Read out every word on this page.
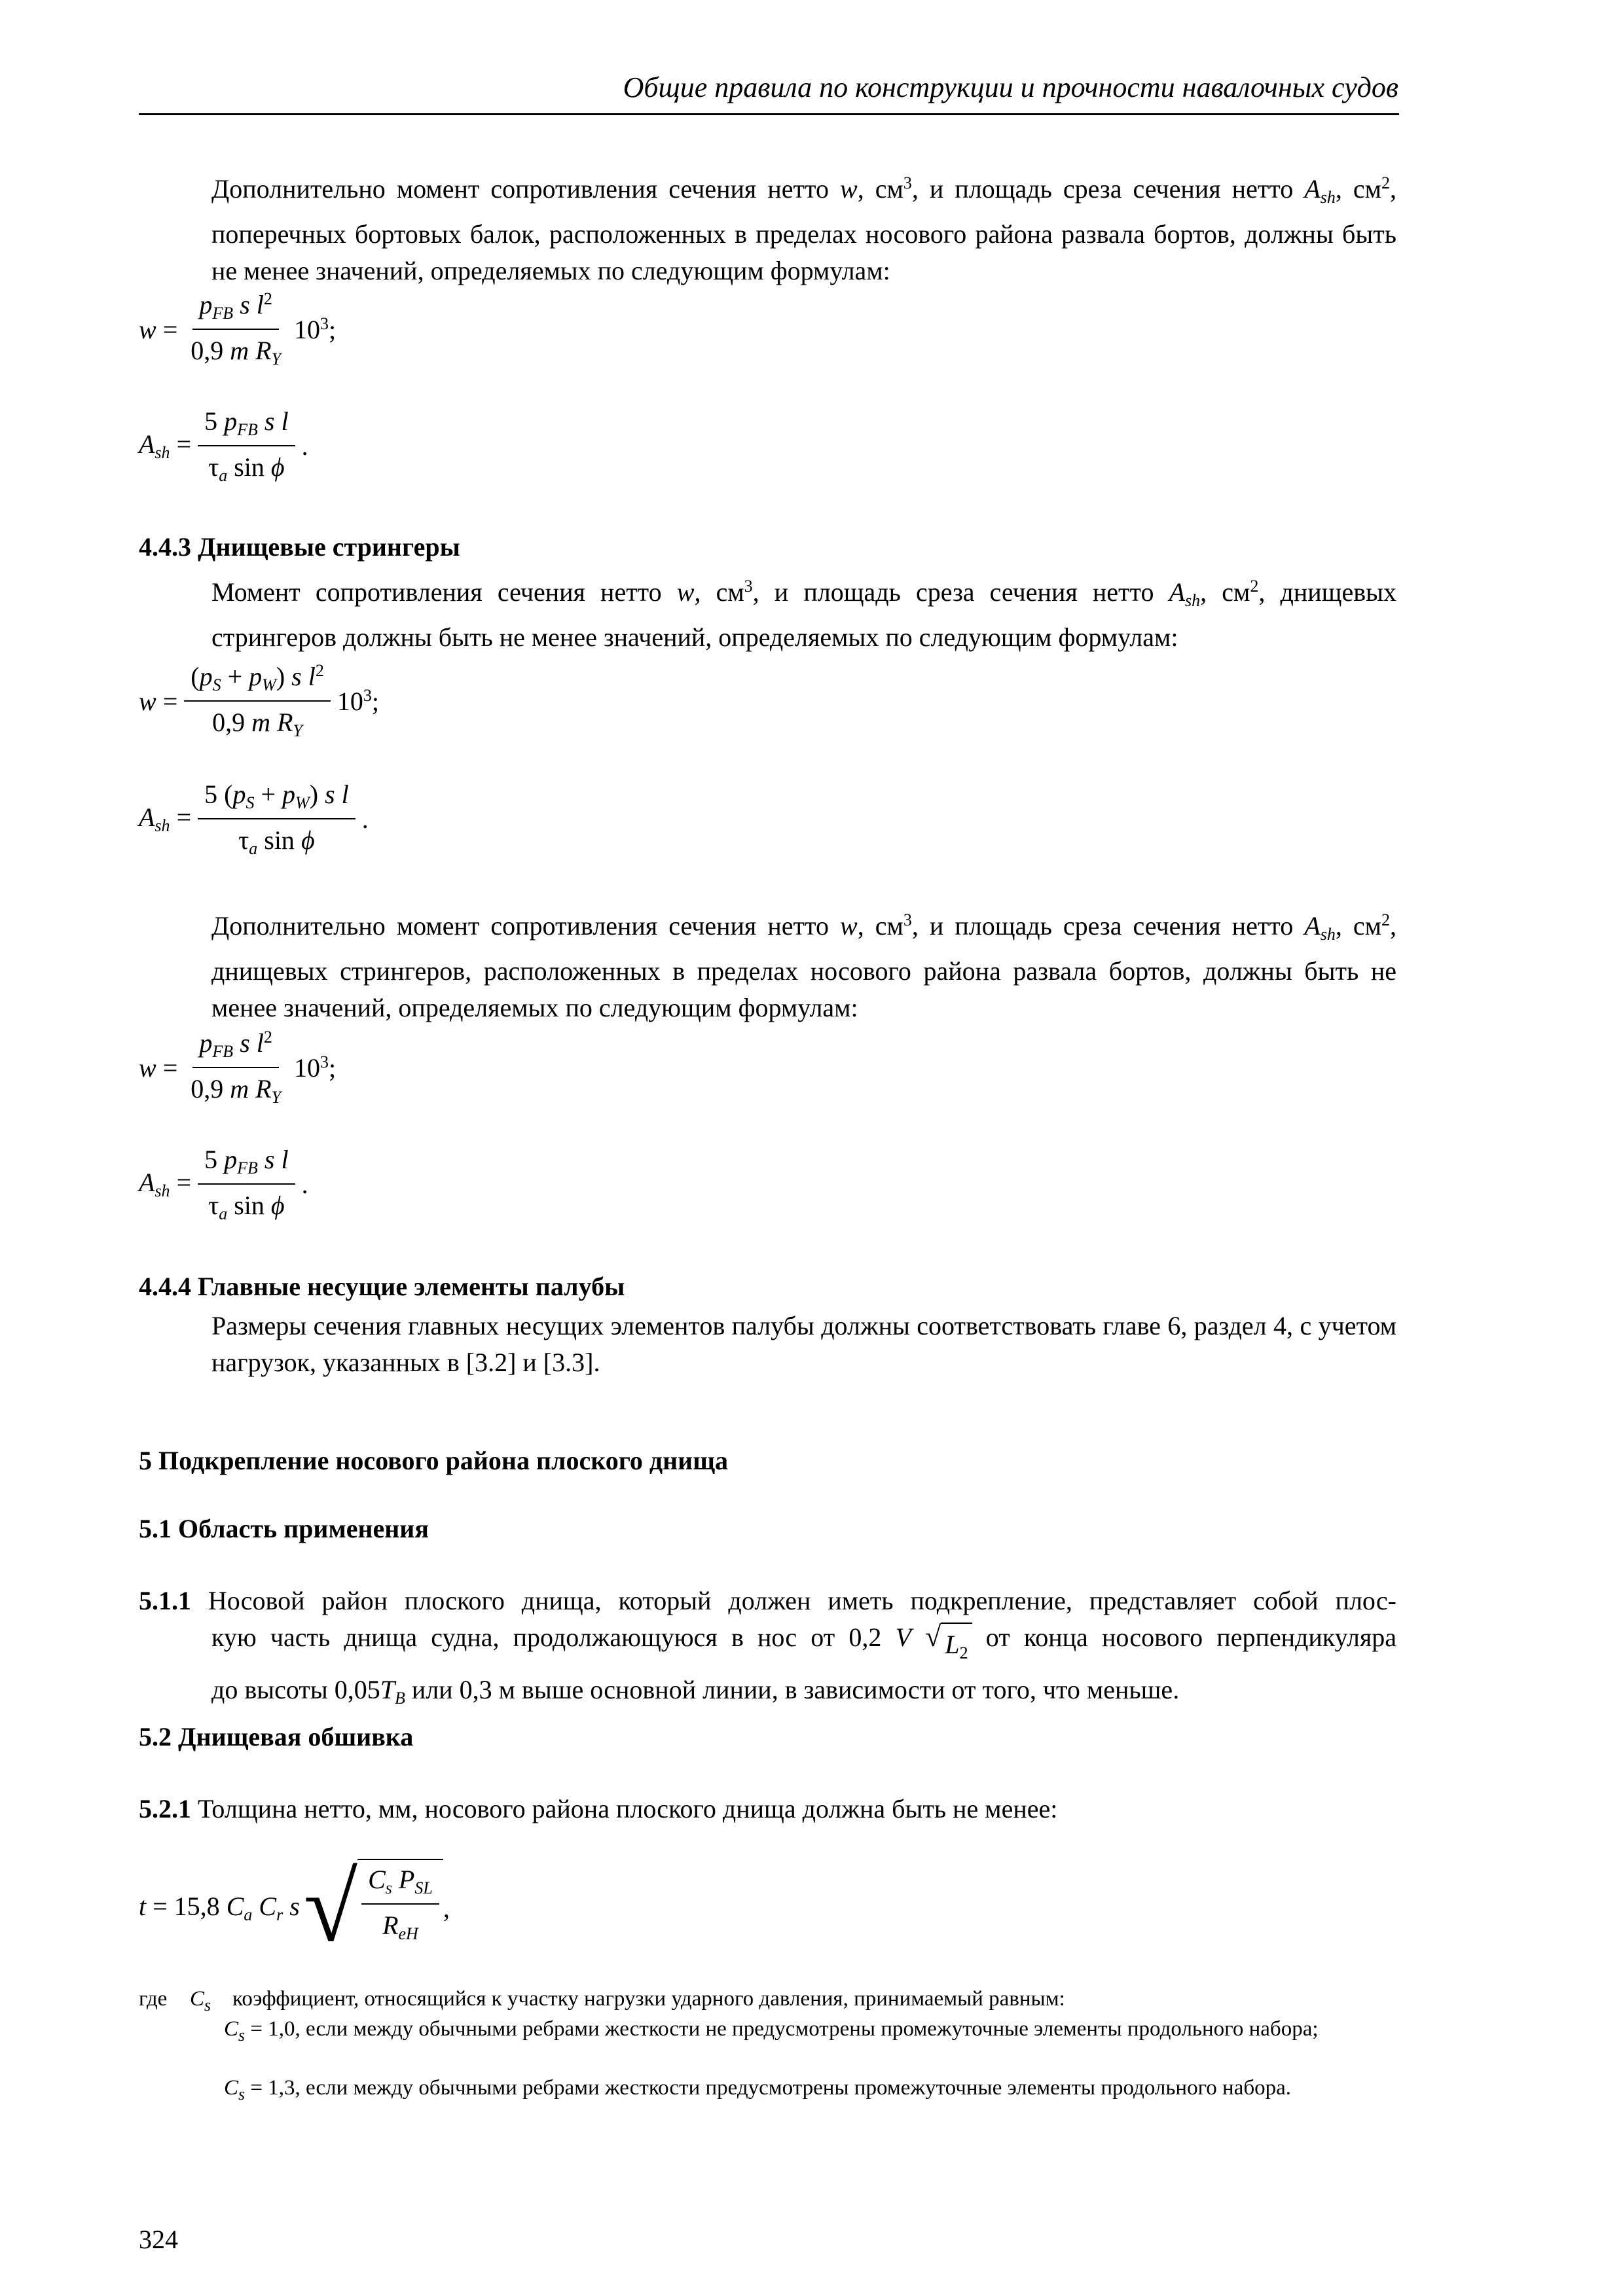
Общие правила по конструкции и прочности навалочных судов
Дополнительно момент сопротивления сечения нетто w, $см^3$, и площадь среза сечения нетто $A_{sh}$, $см^2$, поперечных бортовых балок, расположенных в пределах носового района развала бортов, должны быть не менее значений, определяемых по следующим формулам:
$w = \frac{p_{FB} s l^2}{0,9 m R_Y} 10^3$;
$A_{sh} = \frac{5 p_{FB} s l}{\tau_a \sin \phi}$ .
4.4.3 Днищевые стрингеры
Момент сопротивления сечения нетто w, $см^3$, и площадь среза сечения нетто $A_{sh}$, $см^2$, днищевых стрингеров должны быть не менее значений, определяемых по следующим формулам:
$w = \frac{(p_S + p_W) s l^2}{0,9 m R_Y} 10^3$;
$A_{sh} = \frac{5 (p_S + p_W) s l}{\tau_a \sin \phi}$ .
Дополнительно момент сопротивления сечения нетто w, $см^3$, и площадь среза сечения нетто $A_{sh}$, $см^2$, днищевых стрингеров, расположенных в пределах носового района развала бортов, должны быть не менее значений, определяемых по следующим формулам:
$w = \frac{p_{FB} s l^2}{0,9 m R_Y} 10^3$;
$A_{sh} = \frac{5 p_{FB} s l}{\tau_a \sin \phi}$ .
4.4.4 Главные несущие элементы палубы
Размеры сечения главных несущих элементов палубы должны соответствовать главе 6, раздел 4, с учетом нагрузок, указанных в [3.2] и [3.3].
5 Подкрепление носового района плоского днища
5.1 Область применения
5.1.1 Носовой район плоского днища, который должен иметь подкрепление, представляет собой плос-
кую часть днища судна, продолжающуюся в нос от 0,2 V √ $L_2$
от конца носового перпендикуляра
до высоты $0,05T_B$ или 0,3 м выше основной линии, в зависимости от того, что меньше.
5.2 Днищевая обшивка
5.2.1 Толщина нетто, мм, носового района плоского днища должна быть не менее:
t = 15,8 $C_a$ $C_r$ s √ $\frac{C_s P_{SL}}{R_{eH}}$ ,
где $C_s$ коэффициент, относящийся к участку нагрузки ударного давления, принимаемый равным:
$C_s = 1,0$, если между обычными ребрами жесткости не предусмотрены промежуточные элементы продольного набора;
$C_s = 1,3$, если между обычными ребрами жесткости предусмотрены промежуточные элементы продольного набора.
324
